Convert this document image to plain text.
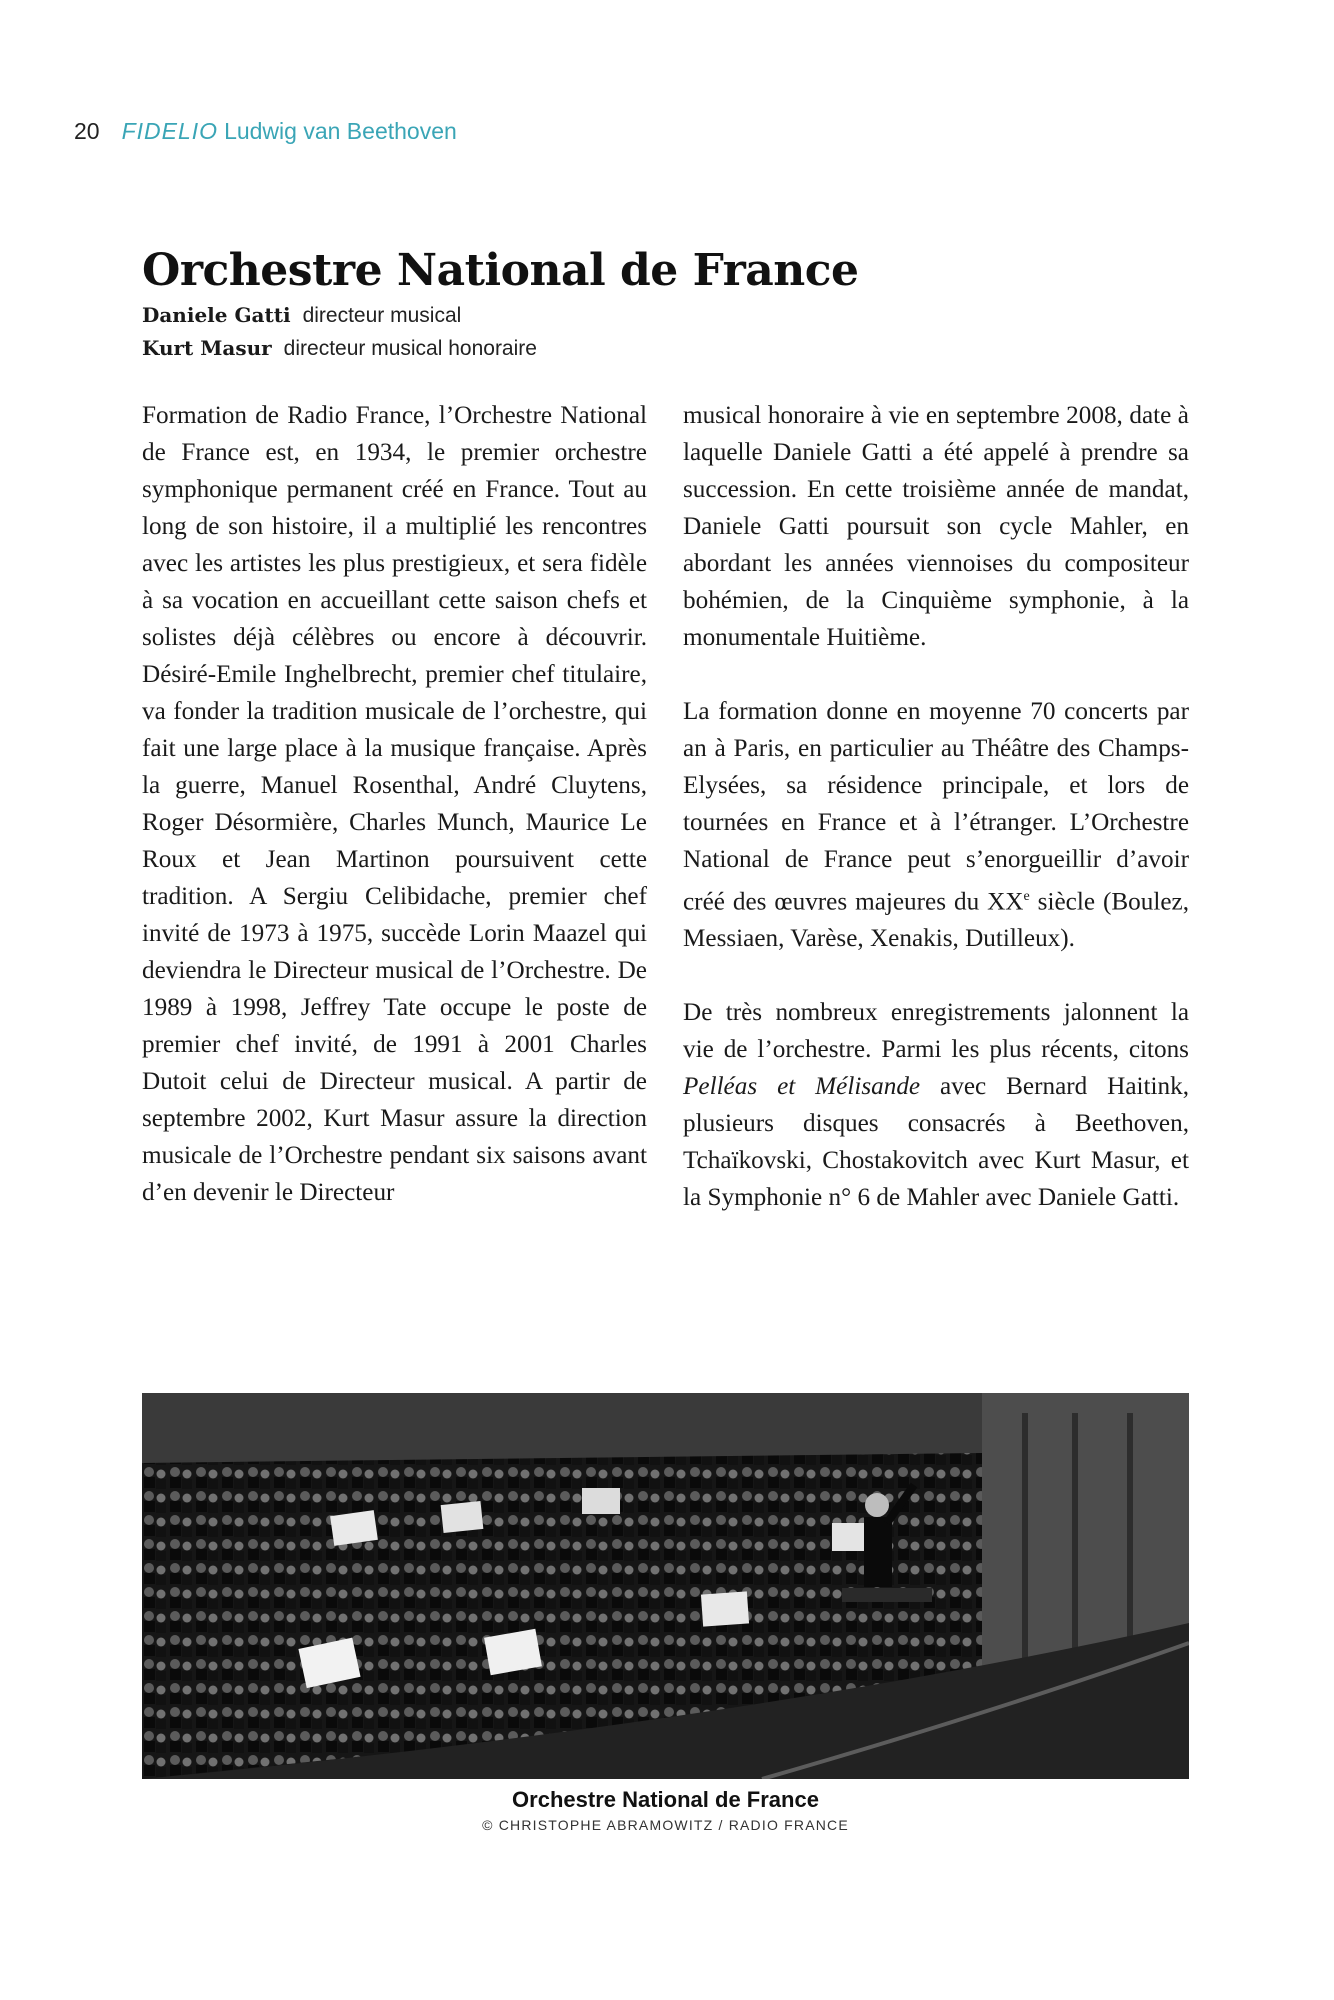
20 FIDELIO Ludwig van Beethoven
Orchestre National de France
Daniele Gatti directeur musical
Kurt Masur directeur musical honoraire

Formation de Radio France, l’Orchestre National de France est, en 1934, le premier orchestre symphonique permanent créé en France. Tout au long de son histoire, il a multiplié les rencontres avec les artistes les plus prestigieux, et sera fidèle à sa vocation en accueillant cette saison chefs et solistes déjà célèbres ou encore à découvrir. Désiré-Emile Inghelbrecht, premier chef titulaire, va fonder la tradition musicale de l’orchestre, qui fait une large place à la musique française. Après la guerre, Manuel Rosenthal, André Cluytens, Roger Désormière, Charles Munch, Maurice Le Roux et Jean Martinon poursuivent cette tradition. A Sergiu Celibidache, premier chef invité de 1973 à 1975, succède Lorin Maazel qui deviendra le Directeur musical de l’Orchestre. De 1989 à 1998, Jeffrey Tate occupe le poste de premier chef invité, de 1991 à 2001 Charles Dutoit celui de Directeur musical. A partir de septembre 2002, Kurt Masur assure la direction musicale de l’Orchestre pendant six saisons avant d’en devenir le Directeur

musical honoraire à vie en septembre 2008, date à laquelle Daniele Gatti a été appelé à prendre sa succession. En cette troisième année de mandat, Daniele Gatti poursuit son cycle Mahler, en abordant les années viennoises du compositeur bohémien, de la Cinquième symphonie, à la monumentale Huitième.

La formation donne en moyenne 70 concerts par an à Paris, en particulier au Théâtre des Champs-Elysées, sa résidence principale, et lors de tournées en France et à l’étranger. L’Orchestre National de France peut s’enorgueillir d’avoir créé des œuvres majeures du XXe siècle (Boulez, Messiaen, Varèse, Xenakis, Dutilleux).

De très nombreux enregistrements jalonnent la vie de l’orchestre. Parmi les plus récents, citons Pelléas et Mélisande avec Bernard Haitink, plusieurs disques consacrés à Beethoven, Tchaïkovski, Chostakovitch avec Kurt Masur, et la Symphonie n° 6 de Mahler avec Daniele Gatti.

Orchestre National de France
© CHRISTOPHE ABRAMOWITZ / RADIO FRANCE
